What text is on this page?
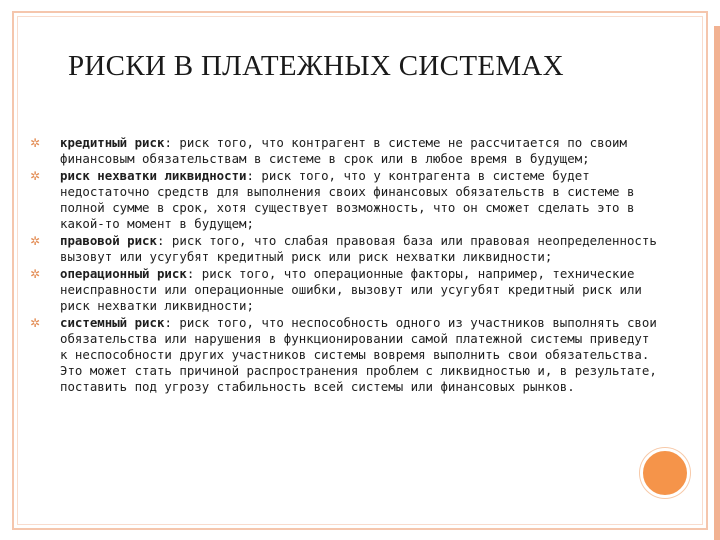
РИСКИ В ПЛАТЕЖНЫХ СИСТЕМАХ
✲ кредитный риск: риск того, что контрагент в системе не рассчитается по своим финансовым обязательствам в системе в срок или в любое время в будущем;
✲ риск нехватки ликвидности: риск того, что у контрагента в системе будет недостаточно средств для выполнения своих финансовых обязательств в системе в полной сумме в срок, хотя существует возможность, что он сможет сделать это в какой-то момент в будущем;
✲ правовой риск: риск того, что слабая правовая база или правовая неопределенность вызовут или усугубят кредитный риск или риск нехватки ликвидности;
✲ операционный риск: риск того, что операционные факторы, например, технические неисправности или операционные ошибки, вызовут или усугубят кредитный риск или риск нехватки ликвидности;
✲ системный риск: риск того, что неспособность одного из участников выполнять свои обязательства или нарушения в функционировании самой платежной системы приведут к неспособности других участников системы вовремя выполнить свои обязательства. Это может стать причиной распространения проблем с ликвидностью и, в результате, поставить под угрозу стабильность всей системы или финансовых рынков.
